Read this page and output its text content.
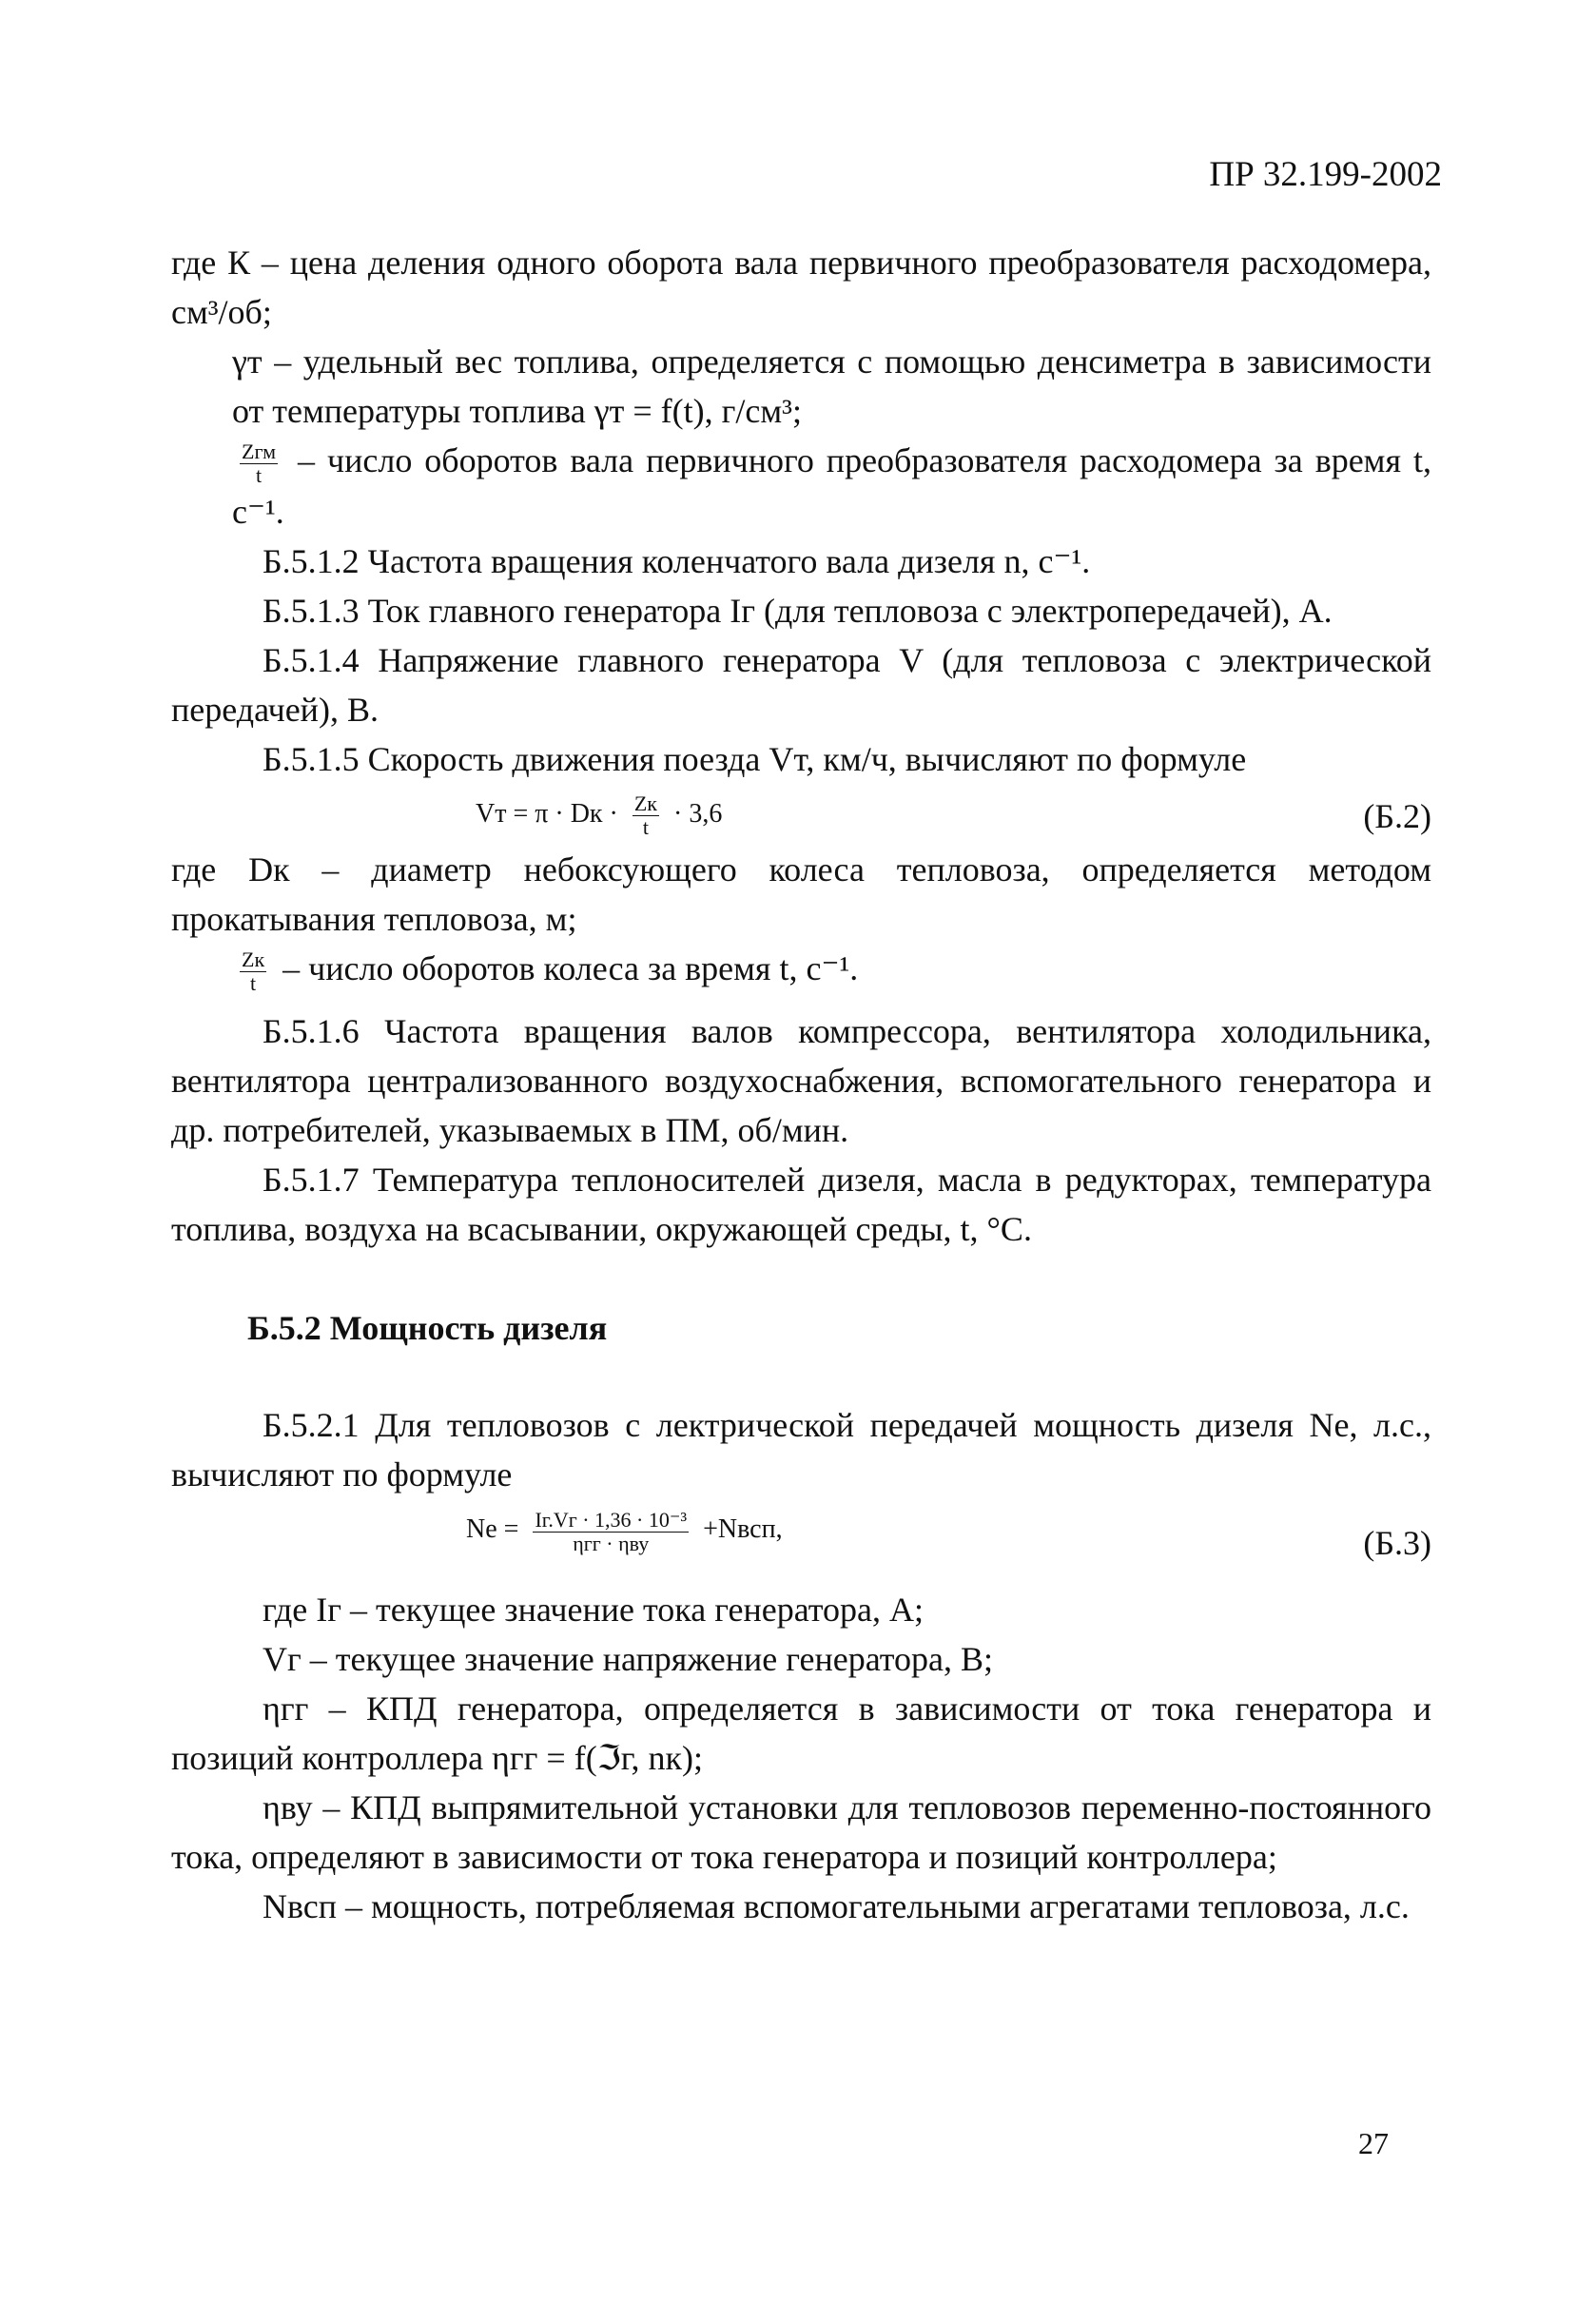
ПР 32.199-2002

где К – цена деления одного оборота вала первичного преобразователя расходомера, см³/об;

γт – удельный вес топлива, определяется с помощью денсиметра в зависимости от температуры топлива γт = f(t), г/см³;

$\frac{\text{Zгм}}{t}$ – число оборотов вала первичного преобразователя расходомера за время t, с⁻¹.

Б.5.1.2 Частота вращения коленчатого вала дизеля n, с⁻¹.

Б.5.1.3 Ток главного генератора Iг (для тепловоза с электропередачей), А.

Б.5.1.4 Напряжение главного генератора V (для тепловоза с электрической передачей), В.

Б.5.1.5 Скорость движения поезда Vт, км/ч, вычисляют по формуле

Vт = π · Dк · $\frac{Zк}{t} \cdot 3,6$	(Б.2)

где Dк – диаметр небоксующего колеса тепловоза, определяется методом прокатывания тепловоза, м;

$\frac{Zк}{t}$ – число оборотов колеса за время t, с⁻¹.

Б.5.1.6 Частота вращения валов компрессора, вентилятора холодильника, вентилятора централизованного воздухоснабжения, вспомогательного генератора и др. потребителей, указываемых в ПМ, об/мин.

Б.5.1.7 Температура теплоносителей дизеля, масла в редукторах, температура топлива, воздуха на всасывании, окружающей среды, t, °С.

Б.5.2 Мощность дизеля

Б.5.2.1 Для тепловозов с лектрической передачей мощность дизеля Nе, л.с., вычисляют по формуле

Nе = $\frac{\text{Iг.Vг · 1,36 · 10⁻³}}{\text{ηгг · ηву}}$ +Nвсп,	(Б.3)

где Iг – текущее значение тока генератора, А;

Vг – текущее значение напряжение генератора, В;

ηгг – КПД генератора, определяется в зависимости от тока генератора и позиций контроллера ηгг = f(ℑг, nк);

ηву – КПД выпрямительной установки для тепловозов переменно-постоянного тока, определяют в зависимости от тока генератора и позиций контроллера;

Nвсп – мощность, потребляемая вспомогательными агрегатами тепловоза, л.с.

27
